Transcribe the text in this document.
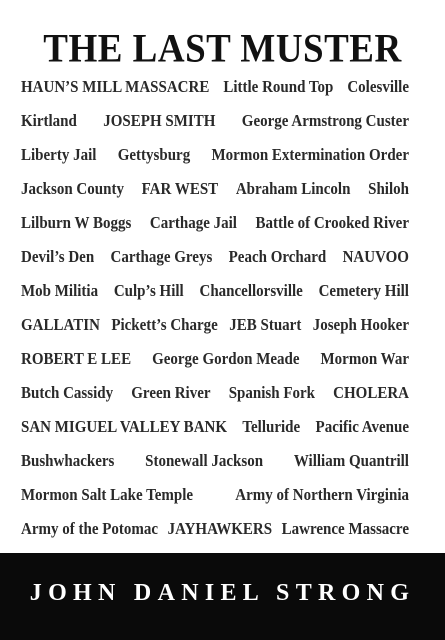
THE LAST MUSTER
HAUN’S MILL MASSACRE Little Round Top Colesville
Kirtland JOSEPH SMITH George Armstrong Custer
Liberty Jail Gettysburg Mormon Extermination Order
Jackson County FAR WEST Abraham Lincoln Shiloh
Lilburn W Boggs Carthage Jail Battle of Crooked River
Devil’s Den Carthage Greys Peach Orchard NAUVOO
Mob Militia Culp’s Hill Chancellorsville Cemetery Hill
GALLATIN Pickett’s Charge JEB Stuart Joseph Hooker
ROBERT E LEE George Gordon Meade Mormon War
Butch Cassidy Green River Spanish Fork CHOLERA
SAN MIGUEL VALLEY BANK Telluride Pacific Avenue
Bushwhackers Stonewall Jackson William Quantrill
Mormon Salt Lake Temple	Army of Northern Virginia
Army of the Potomac JAYHAWKERS Lawrence Massacre
JOHN DANIEL STRONG
